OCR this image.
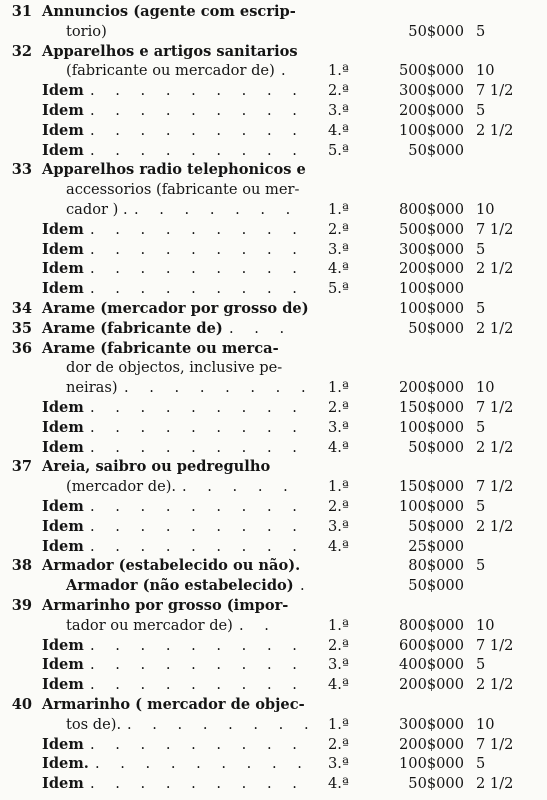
31 Annuncios (agente com escrip-
torio)	50$000 5
32 Apparelhos e artigos sanitarios
(fabricante ou mercador de) . 1.ª	500$000 10
Idem . . . . . . . . . 2.ª	300$000 7 1/2
Idem . . . . . . . . . 3.ª	200$000 5
Idem . . . . . . . . . 4.ª	100$000 2 1/2
Idem . . . . . . . . . 5.ª	50$000
33 Apparelhos radio telephonicos e
accessorios (fabricante ou mer-
cador ) . . . . . . . . 1.ª	800$000 10
Idem . . . . . . . . . 2.ª	500$000 7 1/2
Idem . . . . . . . . . 3.ª	300$000 5
Idem . . . . . . . . . 4.ª	200$000 2 1/2
Idem . . . . . . . . . 5.ª	100$000
34 Arame (mercador por grosso de)	100$000 5
35 Arame (fabricante de) . . .	50$000 2 1/2
36 Arame (fabricante ou merca-
dor de objectos, inclusive pe-
neiras) . . . . . . . . 1.ª	200$000 10
Idem . . . . . . . . . 2.ª	150$000 7 1/2
Idem . . . . . . . . . 3.ª	100$000 5
Idem . . . . . . . . . 4.ª	50$000 2 1/2
37 Areia, saibro ou pedregulho
(mercador de). . . . . . 1.ª	150$000 7 1/2
Idem . . . . . . . . . 2.ª	100$000 5
Idem . . . . . . . . . 3.ª	50$000 2 1/2
Idem . . . . . . . . . 4.ª	25$000
38 Armador (estabelecido ou não).	80$000 5
Armador (não estabelecido) .	50$000
39 Armarinho por grosso (impor-
tador ou mercador de) . .	1.ª	800$000 10
Idem . . . . . . . . . 2.ª	600$000 7 1/2
Idem . . . . . . . . . 3.ª	400$000 5
Idem . . . . . . . . . 4.ª	200$000 2 1/2
40 Armarinho ( mercador de objec-
tos de). . . . . . . . . 1.ª	300$000 10
Idem . . . . . . . . . 2.ª	200$000 7 1/2
Idem. . . . . . . . . . 3.ª	100$000 5
Idem . . . . . . . . . 4.ª	50$000 2 1/2
